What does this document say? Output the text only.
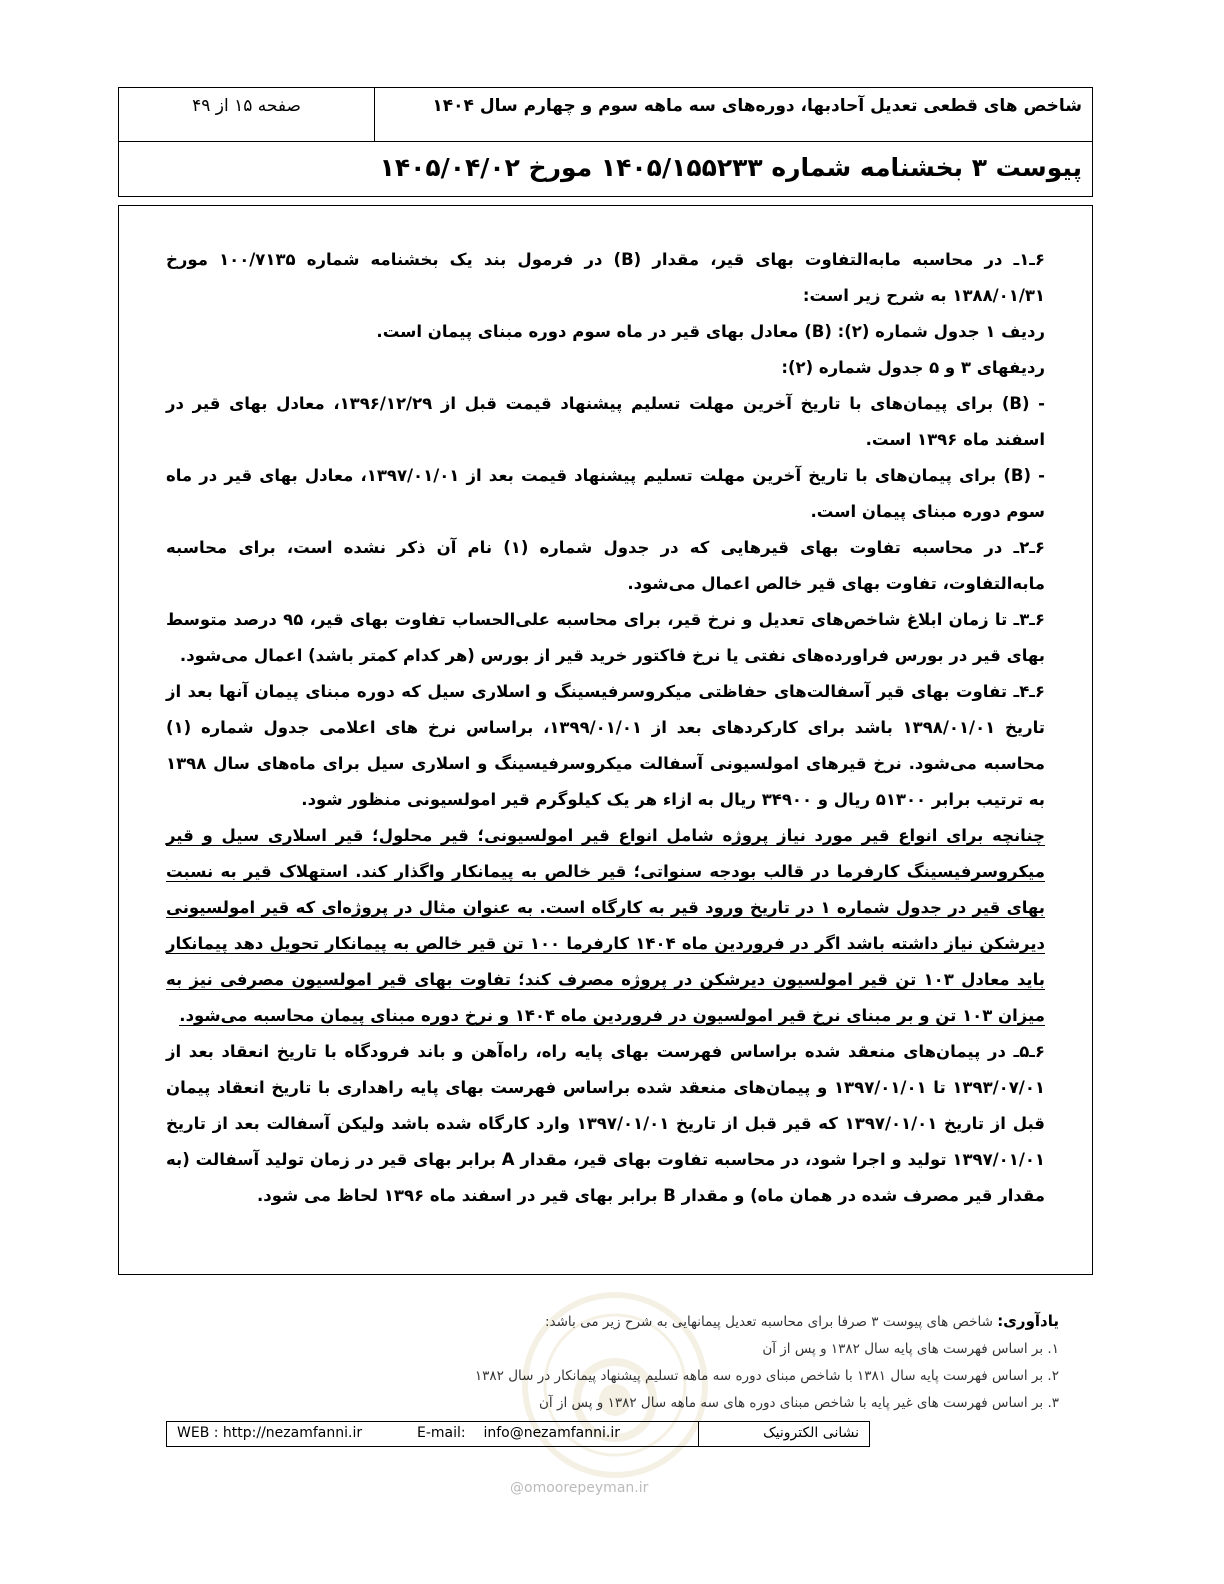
شاخص های قطعی تعدیل آحادبها، دوره‌های سه ماهه سوم و چهارم سال ۱۴۰۴
صفحه ۱۵ از ۴۹
پیوست ۳ بخشنامه شماره ۱۴۰۵/۱۵۵۲۳۳ مورخ ۱۴۰۵/۰۴/۰۲

۶ـ۱ـ در محاسبه مابه‌التفاوت بهای قیر، مقدار (B) در فرمول بند یک بخشنامه شماره ۱۰۰/۷۱۳۵ مورخ ۱۳۸۸/۰۱/۳۱ به شرح زیر است:

ردیف ۱ جدول شماره (۲): (B) معادل بهای قیر در ماه سوم دوره مبنای پیمان است.

ردیفهای ۳ و ۵ جدول شماره (۲):

- (B) برای پیمان‌های با تاریخ آخرین مهلت تسلیم پیشنهاد قیمت قبل از ۱۳۹۶/۱۲/۲۹، معادل بهای قیر در اسفند ماه ۱۳۹۶ است.

- (B) برای پیمان‌های با تاریخ آخرین مهلت تسلیم پیشنهاد قیمت بعد از ۱۳۹۷/۰۱/۰۱، معادل بهای قیر در ماه سوم دوره مبنای پیمان است.

۶ـ۲ـ در محاسبه تفاوت بهای قیرهایی که در جدول شماره (۱) نام آن ذکر نشده است، برای محاسبه مابه‌التفاوت، تفاوت بهای قیر خالص اعمال می‌شود.

۶ـ۳ـ تا زمان ابلاغ شاخص‌های تعدیل و نرخ قیر، برای محاسبه علی‌الحساب تفاوت بهای قیر، ۹۵ درصد متوسط بهای قیر در بورس فراورده‌های نفتی یا نرخ فاکتور خرید قیر از بورس (هر کدام کمتر باشد) اعمال می‌شود.

۶ـ۴ـ تفاوت بهای قیر آسفالت‌های حفاظتی میکروسرفیسینگ و اسلاری سیل که دوره مبنای پیمان آنها بعد از تاریخ ۱۳۹۸/۰۱/۰۱ باشد برای کارکردهای بعد از ۱۳۹۹/۰۱/۰۱، براساس نرخ های اعلامی جدول شماره (۱) محاسبه می‌شود. نرخ قیرهای امولسیونی آسفالت میکروسرفیسینگ و اسلاری سیل برای ماه‌های سال ۱۳۹۸ به ترتیب برابر ۵۱۳۰۰ ریال و ۳۴۹۰۰ ریال به ازاء هر یک کیلوگرم قیر امولسیونی منظور شود.

چنانچه برای انواع قیر مورد نیاز پروژه شامل انواع قیر امولسیونی؛ قیر محلول؛ قیر اسلاری سیل و قیر میکروسرفیسینگ کارفرما در قالب بودجه سنواتی؛ قیر خالص به پیمانکار واگذار کند. استهلاک قیر به نسبت بهای قیر در جدول شماره ۱ در تاریخ ورود قیر به کارگاه است. به عنوان مثال در پروژه‌ای که قیر امولسیونی دیرشکن نیاز داشته باشد اگر در فروردین ماه ۱۴۰۴ کارفرما ۱۰۰ تن قیر خالص به پیمانکار تحویل دهد پیمانکار باید معادل ۱۰۳ تن قیر امولسیون دیرشکن در پروژه مصرف کند؛ تفاوت بهای قیر امولسیون مصرفی نیز به میزان ۱۰۳ تن و بر مبنای نرخ قیر امولسیون در فروردین ماه ۱۴۰۴ و نرخ دوره مبنای پیمان محاسبه می‌شود.

۶ـ۵ـ در پیمان‌های منعقد شده براساس فهرست بهای پایه راه، راه‌آهن و باند فرودگاه با تاریخ انعقاد بعد از ۱۳۹۳/۰۷/۰۱ تا ۱۳۹۷/۰۱/۰۱ و پیمان‌های منعقد شده براساس فهرست بهای پایه راهداری با تاریخ انعقاد پیمان قبل از تاریخ ۱۳۹۷/۰۱/۰۱ که قیر قبل از تاریخ ۱۳۹۷/۰۱/۰۱ وارد کارگاه شده باشد ولیکن آسفالت بعد از تاریخ ۱۳۹۷/۰۱/۰۱ تولید و اجرا شود، در محاسبه تفاوت بهای قیر، مقدار A برابر بهای قیر در زمان تولید آسفالت (به مقدار قیر مصرف شده در همان ماه) و مقدار B برابر بهای قیر در اسفند ماه ۱۳۹۶ لحاظ می شود.

یادآوری: شاخص های پیوست ۳ صرفا برای محاسبه تعدیل پیمانهایی به شرح زیر می باشد:

۱. بر اساس فهرست های پایه سال ۱۳۸۲ و پس از آن

۲. بر اساس فهرست پایه سال ۱۳۸۱ با شاخص مبنای دوره سه ماهه تسلیم پیشنهاد پیمانکار در سال ۱۳۸۲

۳. بر اساس فهرست های غیر پایه با شاخص مبنای دوره های سه ماهه سال ۱۳۸۲ و پس از آن

نشانی الکترونیک
E-mail: info@nezamfanni.ir
WEB : http://nezamfanni.ir
@omoorepeyman.ir
